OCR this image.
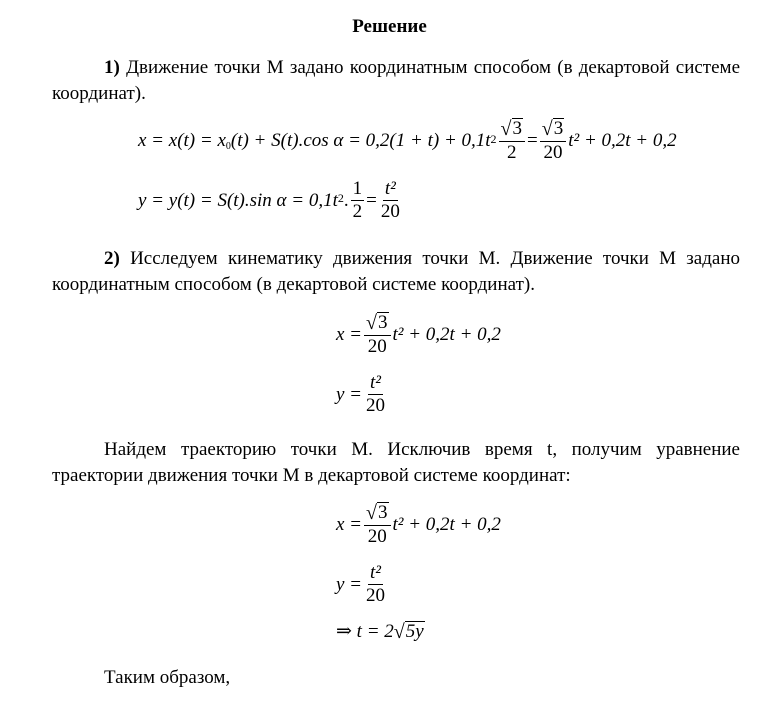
Решение
1) Движение точки М задано координатным способом (в декартовой системе координат).
x = x(t) = x 0 (t) + S(t).cos $\alpha = 0,2(1 + t) + 0,1t^2 \frac{√ 3}{2} = \frac{√ 3}{20} t^2 + 0,2t + 0,2$
y = y(t) = S(t).sin $\alpha = 0,1t^2$ . $\frac{1}{2} = \frac{\text{t²}}{20}$
2) Исследуем кинематику движения точки М. Движение точки М задано координатным способом (в декартовой системе координат).
$x = \frac{√ 3}{20} t^2 + 0,2t + 0,2$
$y = \frac{\text{t²}}{20}$
Найдем траекторию точки М. Исключив время t, получим уравнение траектории движения точки М в декартовой системе координат:
$x = \frac{√ 3}{20} t^2 + 0,2t + 0,2$
$y = \frac{\text{t²}}{20}$
⇒ t = 2 √ 5y
Таким образом,
